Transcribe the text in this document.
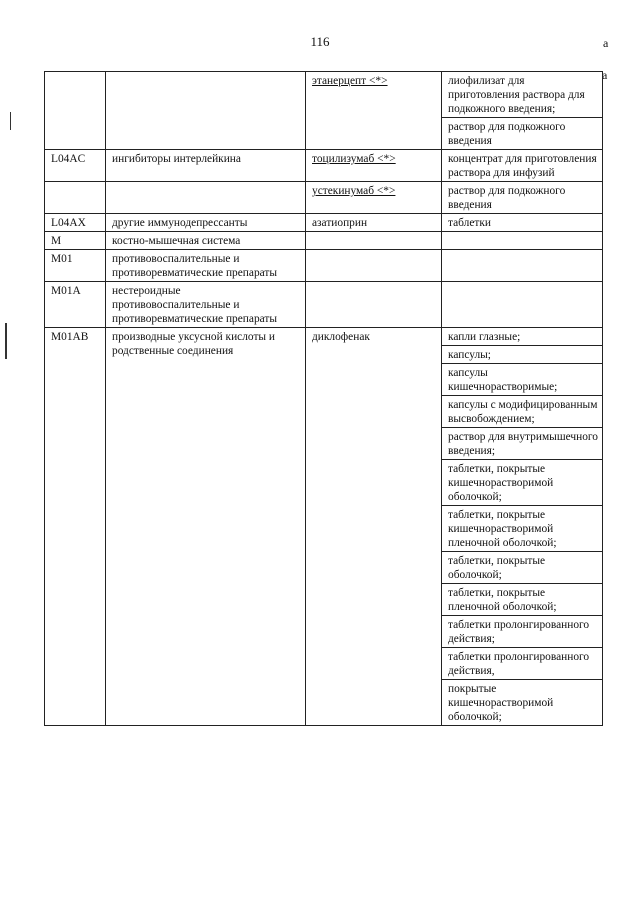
116	a
a
		этанерцепт <*>	лиофилизат для приготовления раствора для подкожного введения;
			раствор для подкожного введения
L04AC	ингибиторы интерлейкина	тоцилизумаб <*>	концентрат для приготовления раствора для инфузий
		устекинумаб <*>	раствор для подкожного введения
L04AX	другие иммунодепрессанты	азатиоприн	таблетки
M	костно-мышечная система		
M01	противовоспалительные и противоревматические препараты		
M01A	нестероидные противовоспалительные и противоревматические препараты		
M01AB	производные уксусной кислоты и родственные соединения	диклофенак	капли глазные;
			капсулы;
			капсулы кишечнорастворимые;
			капсулы с модифицированным высвобождением;
			раствор для внутримышечного введения;
			таблетки, покрытые кишечнорастворимой оболочкой;
			таблетки, покрытые кишечнорастворимой пленочной оболочкой;
			таблетки, покрытые оболочкой;
			таблетки, покрытые пленочной оболочкой;
			таблетки пролонгированного действия;
			таблетки пролонгированного действия,
			покрытые кишечнорастворимой оболочкой;
